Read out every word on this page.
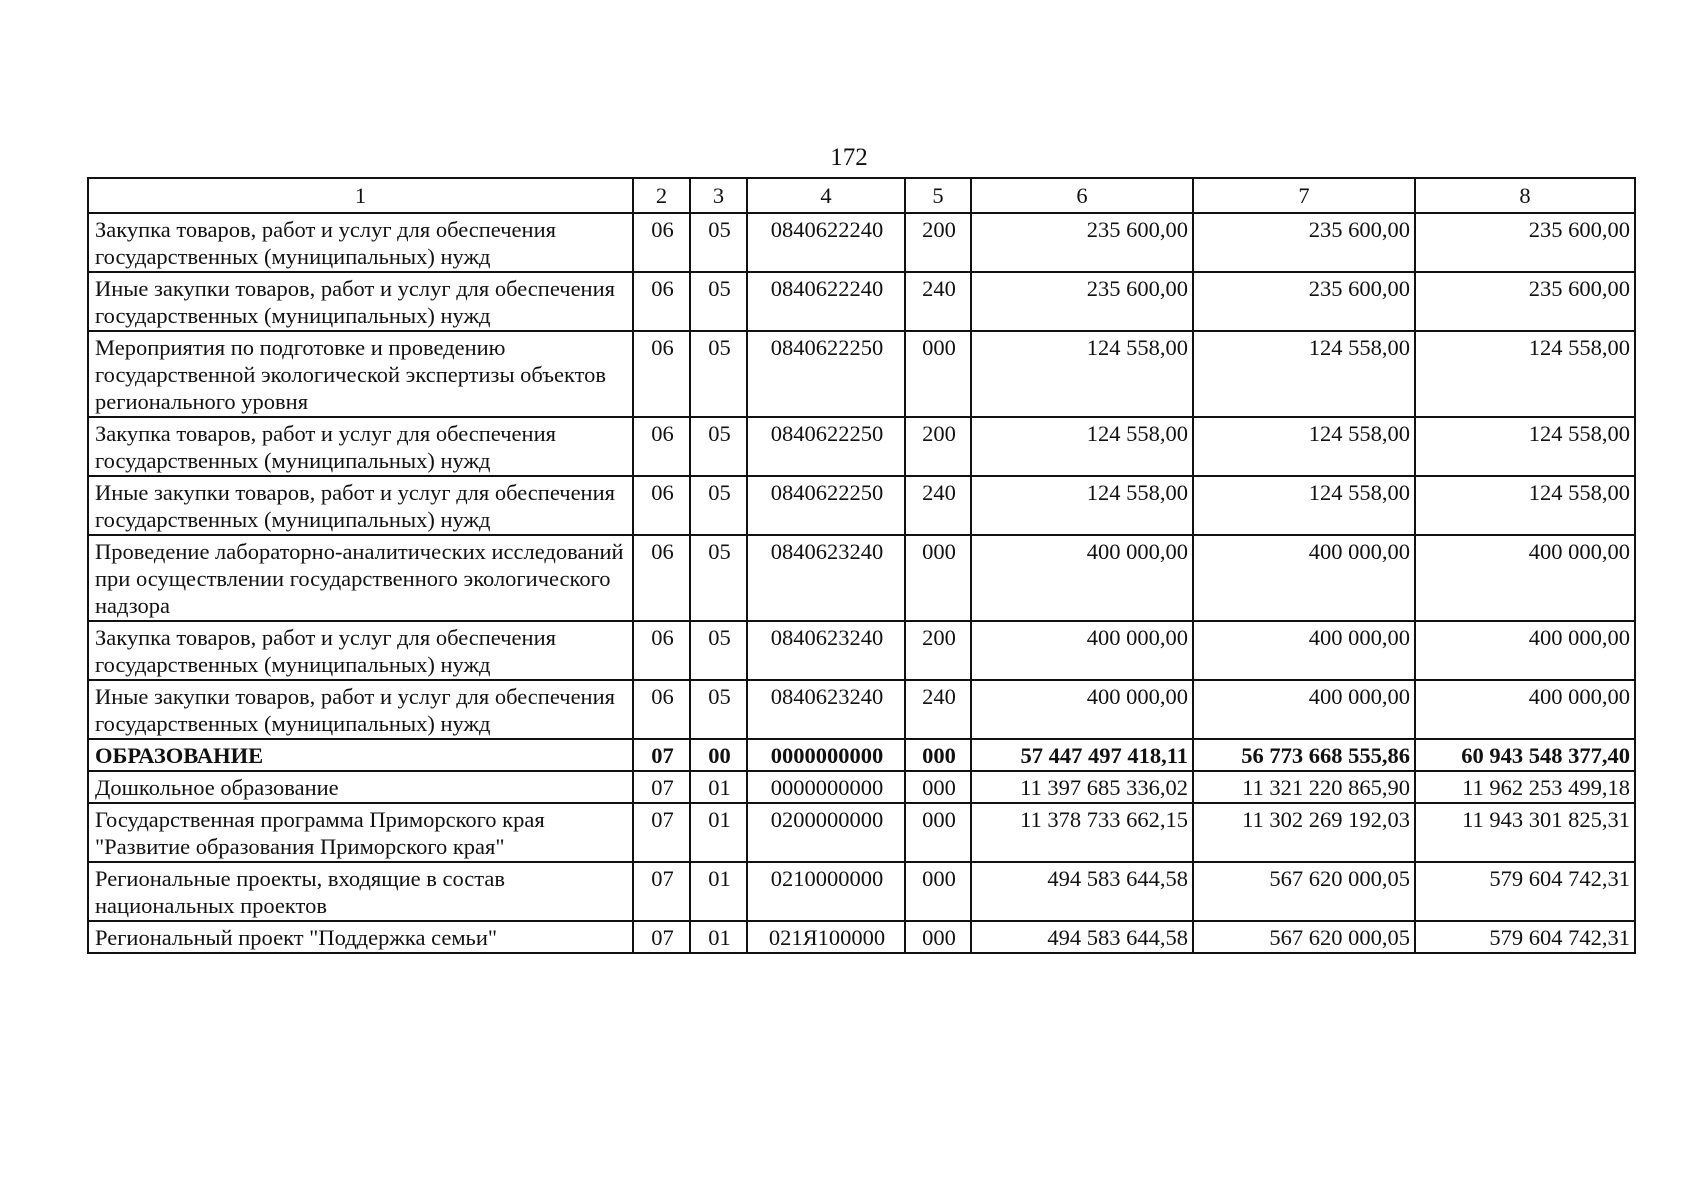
172
1	2	3	4	5	6	7	8
Закупка товаров, работ и услуг для обеспечения государственных (муниципальных) нужд	06	05	0840622240	200	235 600,00	235 600,00	235 600,00
Иные закупки товаров, работ и услуг для обеспечения государственных (муниципальных) нужд	06	05	0840622240	240	235 600,00	235 600,00	235 600,00
Мероприятия по подготовке и проведению государственной экологической экспертизы объектов регионального уровня	06	05	0840622250	000	124 558,00	124 558,00	124 558,00
Закупка товаров, работ и услуг для обеспечения государственных (муниципальных) нужд	06	05	0840622250	200	124 558,00	124 558,00	124 558,00
Иные закупки товаров, работ и услуг для обеспечения государственных (муниципальных) нужд	06	05	0840622250	240	124 558,00	124 558,00	124 558,00
Проведение лабораторно-аналитических исследований при осуществлении государственного экологического надзора	06	05	0840623240	000	400 000,00	400 000,00	400 000,00
Закупка товаров, работ и услуг для обеспечения государственных (муниципальных) нужд	06	05	0840623240	200	400 000,00	400 000,00	400 000,00
Иные закупки товаров, работ и услуг для обеспечения государственных (муниципальных) нужд	06	05	0840623240	240	400 000,00	400 000,00	400 000,00
ОБРАЗОВАНИЕ	07	00	0000000000	000	57 447 497 418,11	56 773 668 555,86	60 943 548 377,40
Дошкольное образование	07	01	0000000000	000	11 397 685 336,02	11 321 220 865,90	11 962 253 499,18
Государственная программа Приморского края "Развитие образования Приморского края"	07	01	0200000000	000	11 378 733 662,15	11 302 269 192,03	11 943 301 825,31
Региональные проекты, входящие в состав национальных проектов	07	01	0210000000	000	494 583 644,58	567 620 000,05	579 604 742,31
Региональный проект "Поддержка семьи"	07	01	021Я100000	000	494 583 644,58	567 620 000,05	579 604 742,31
